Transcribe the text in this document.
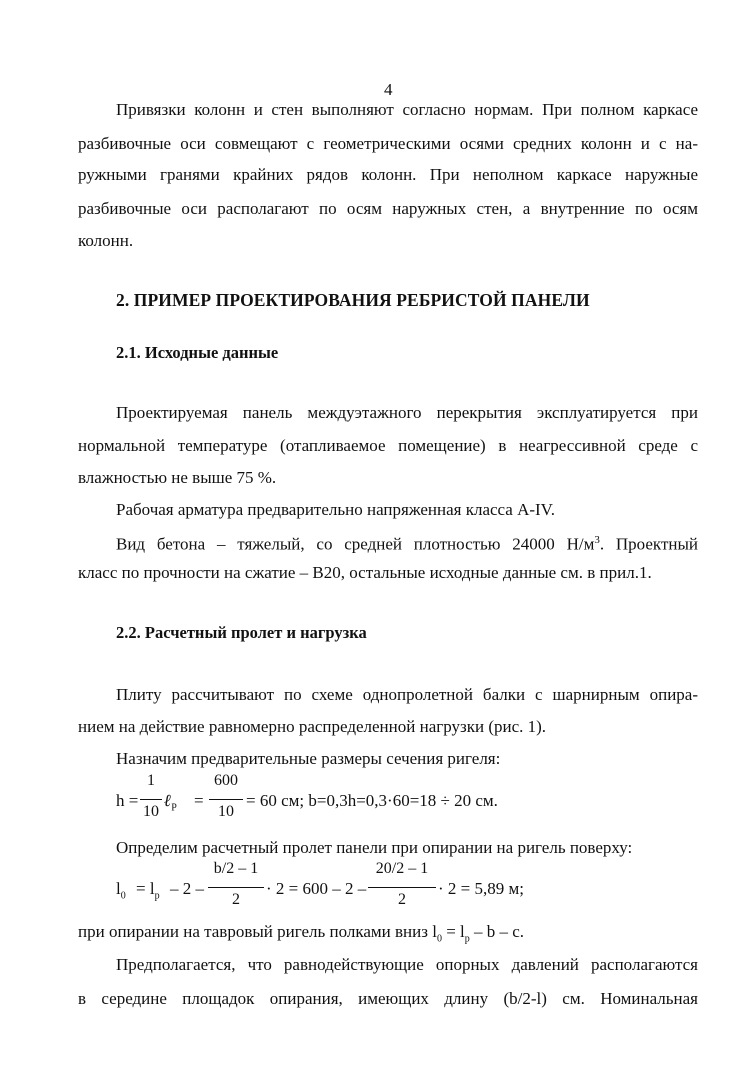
4
Привязки колонн и стен выполняют согласно нормам. При полном каркасе
разбивочные оси совмещают с геометрическими осями средних колонн и с на-
ружными гранями крайних рядов колонн. При неполном каркасе наружные
разбивочные оси располагают по осям наружных стен, а внутренние по осям
колонн.
2. ПРИМЕР ПРОЕКТИРОВАНИЯ РЕБРИСТОЙ ПАНЕЛИ
2.1. Исходные данные
Проектируемая панель междуэтажного перекрытия эксплуатируется при
нормальной температуре (отапливаемое помещение) в неагрессивной среде с
влажностью не выше 75 %.
Рабочая арматура предварительно напряженная класса A-IV.
Вид бетона – тяжелый, со средней плотностью 24000 $Н/м^3$. Проектный
класс по прочности на сжатие – В20, остальные исходные данные см. в прил.1.
2.2. Расчетный пролет и нагрузка
Плиту рассчитывают по схеме однопролетной балки с шарнирным опира-
нием на действие равномерно распределенной нагрузки (рис. 1).
Назначим предварительные размеры сечения ригеля:
h =
1
10
ℓ$_P$ =
600
10
= 60 см; b=0,3h=0,3·60=18 ÷ 20 см.
Определим расчетный пролет панели при опирании на ригель поверху:
$l_0 = l_p - 2$ –
b/2 – 1
2
· 2 = 600 – 2 –
20/2 – 1
2
· 2 = 5,89 м;
при опирании на тавровый ригель полками вниз $l_0 = l_p - b - c$.
Предполагается, что равнодействующие опорных давлений располагаются
в середине площадок опирания, имеющих длину (b/2-l) см. Номинальная
